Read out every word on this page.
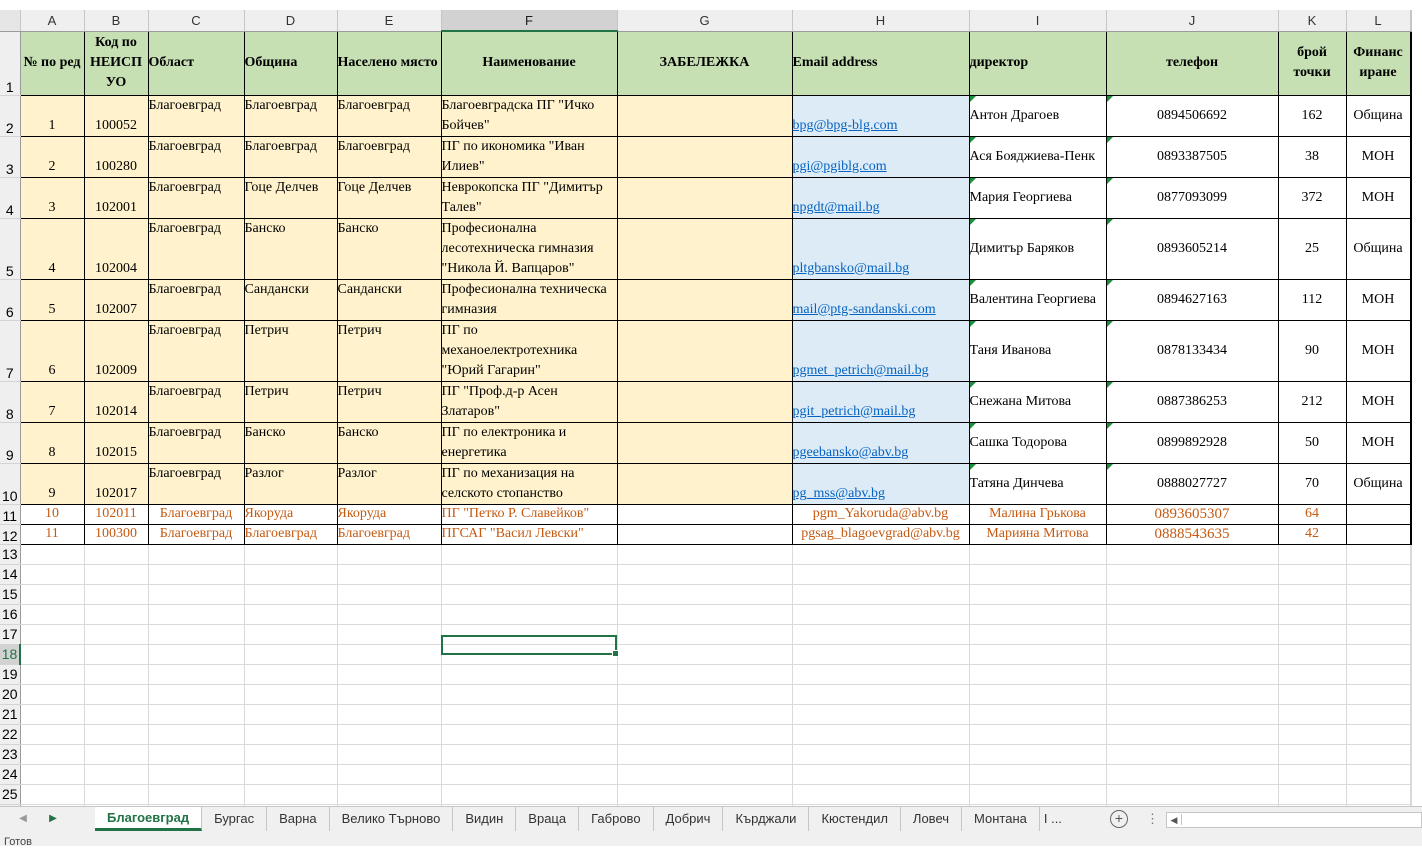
	A	B	C	D	E	F	G	H	I	J	K	L	
1	№ по ред	Код по НЕИСП УО	Област	Община	Населено място	Наименование	ЗАБЕЛЕЖКА	Email address	директор	телефон	брой точки	Финанс иране	
2	1	100052	Благоевград	Благоевград	Благоевград	Благоевградска ПГ "Ичко Бойчев"		bpg@bpg-blg.com	Антон Драгоев	0894506692	162	Община	
3	2	100280	Благоевград	Благоевград	Благоевград	ПГ по икономика "Иван Илиев"		pgi@pgiblg.com	Ася Бояджиева-Пенк	0893387505	38	МОН	
4	3	102001	Благоевград	Гоце Делчев	Гоце Делчев	Неврокопска ПГ "Димитър Талев"		npgdt@mail.bg	Мария Георгиева	0877093099	372	МОН	
5	4	102004	Благоевград	Банско	Банско	Професионална лесотехническа гимназия "Никола Й. Вапцаров"		pltgbansko@mail.bg	Димитър Баряков	0893605214	25	Община	
6	5	102007	Благоевград	Сандански	Сандански	Професионална техническа гимназия		mail@ptg-sandanski.com	Валентина Георгиева	0894627163	112	МОН	
7	6	102009	Благоевград	Петрич	Петрич	ПГ по механоелектротехника "Юрий Гагарин"		pgmet_petrich@mail.bg	Таня Иванова	0878133434	90	МОН	
8	7	102014	Благоевград	Петрич	Петрич	ПГ "Проф.д-р Асен Златаров"		pgit_petrich@mail.bg	Снежана Митова	0887386253	212	МОН	
9	8	102015	Благоевград	Банско	Банско	ПГ по електроника и енергетика		pgeebansko@abv.bg	Сашка Тодорова	0899892928	50	МОН	
10	9	102017	Благоевград	Разлог	Разлог	ПГ по механизация на селското стопанство		pg_mss@abv.bg	Татяна Динчева	0888027727	70	Община	
11	10	102011	Благоевград	Якоруда	Якоруда	ПГ "Петко Р. Славейков"		pgm_Yakoruda@abv.bg	Малина Грькова	0893605307	64		
12	11	100300	Благоевград	Благоевград	Благоевград	ПГСАГ "Васил Левски"		pgsag_blagoevgrad@abv.bg	Марияна Митова	0888543635	42		
13													
14													
15													
16													
17													
18													
19													
20													
21													
22													
23													
24													
25													

◀	▶	Благоевград	Бургас	Варна	Велико Търново	Видин	Враца	Габрово	Добрич	Кърджали	Кюстендил	Ловеч	Монтана	I ...	+	⋮	◀
Готов
